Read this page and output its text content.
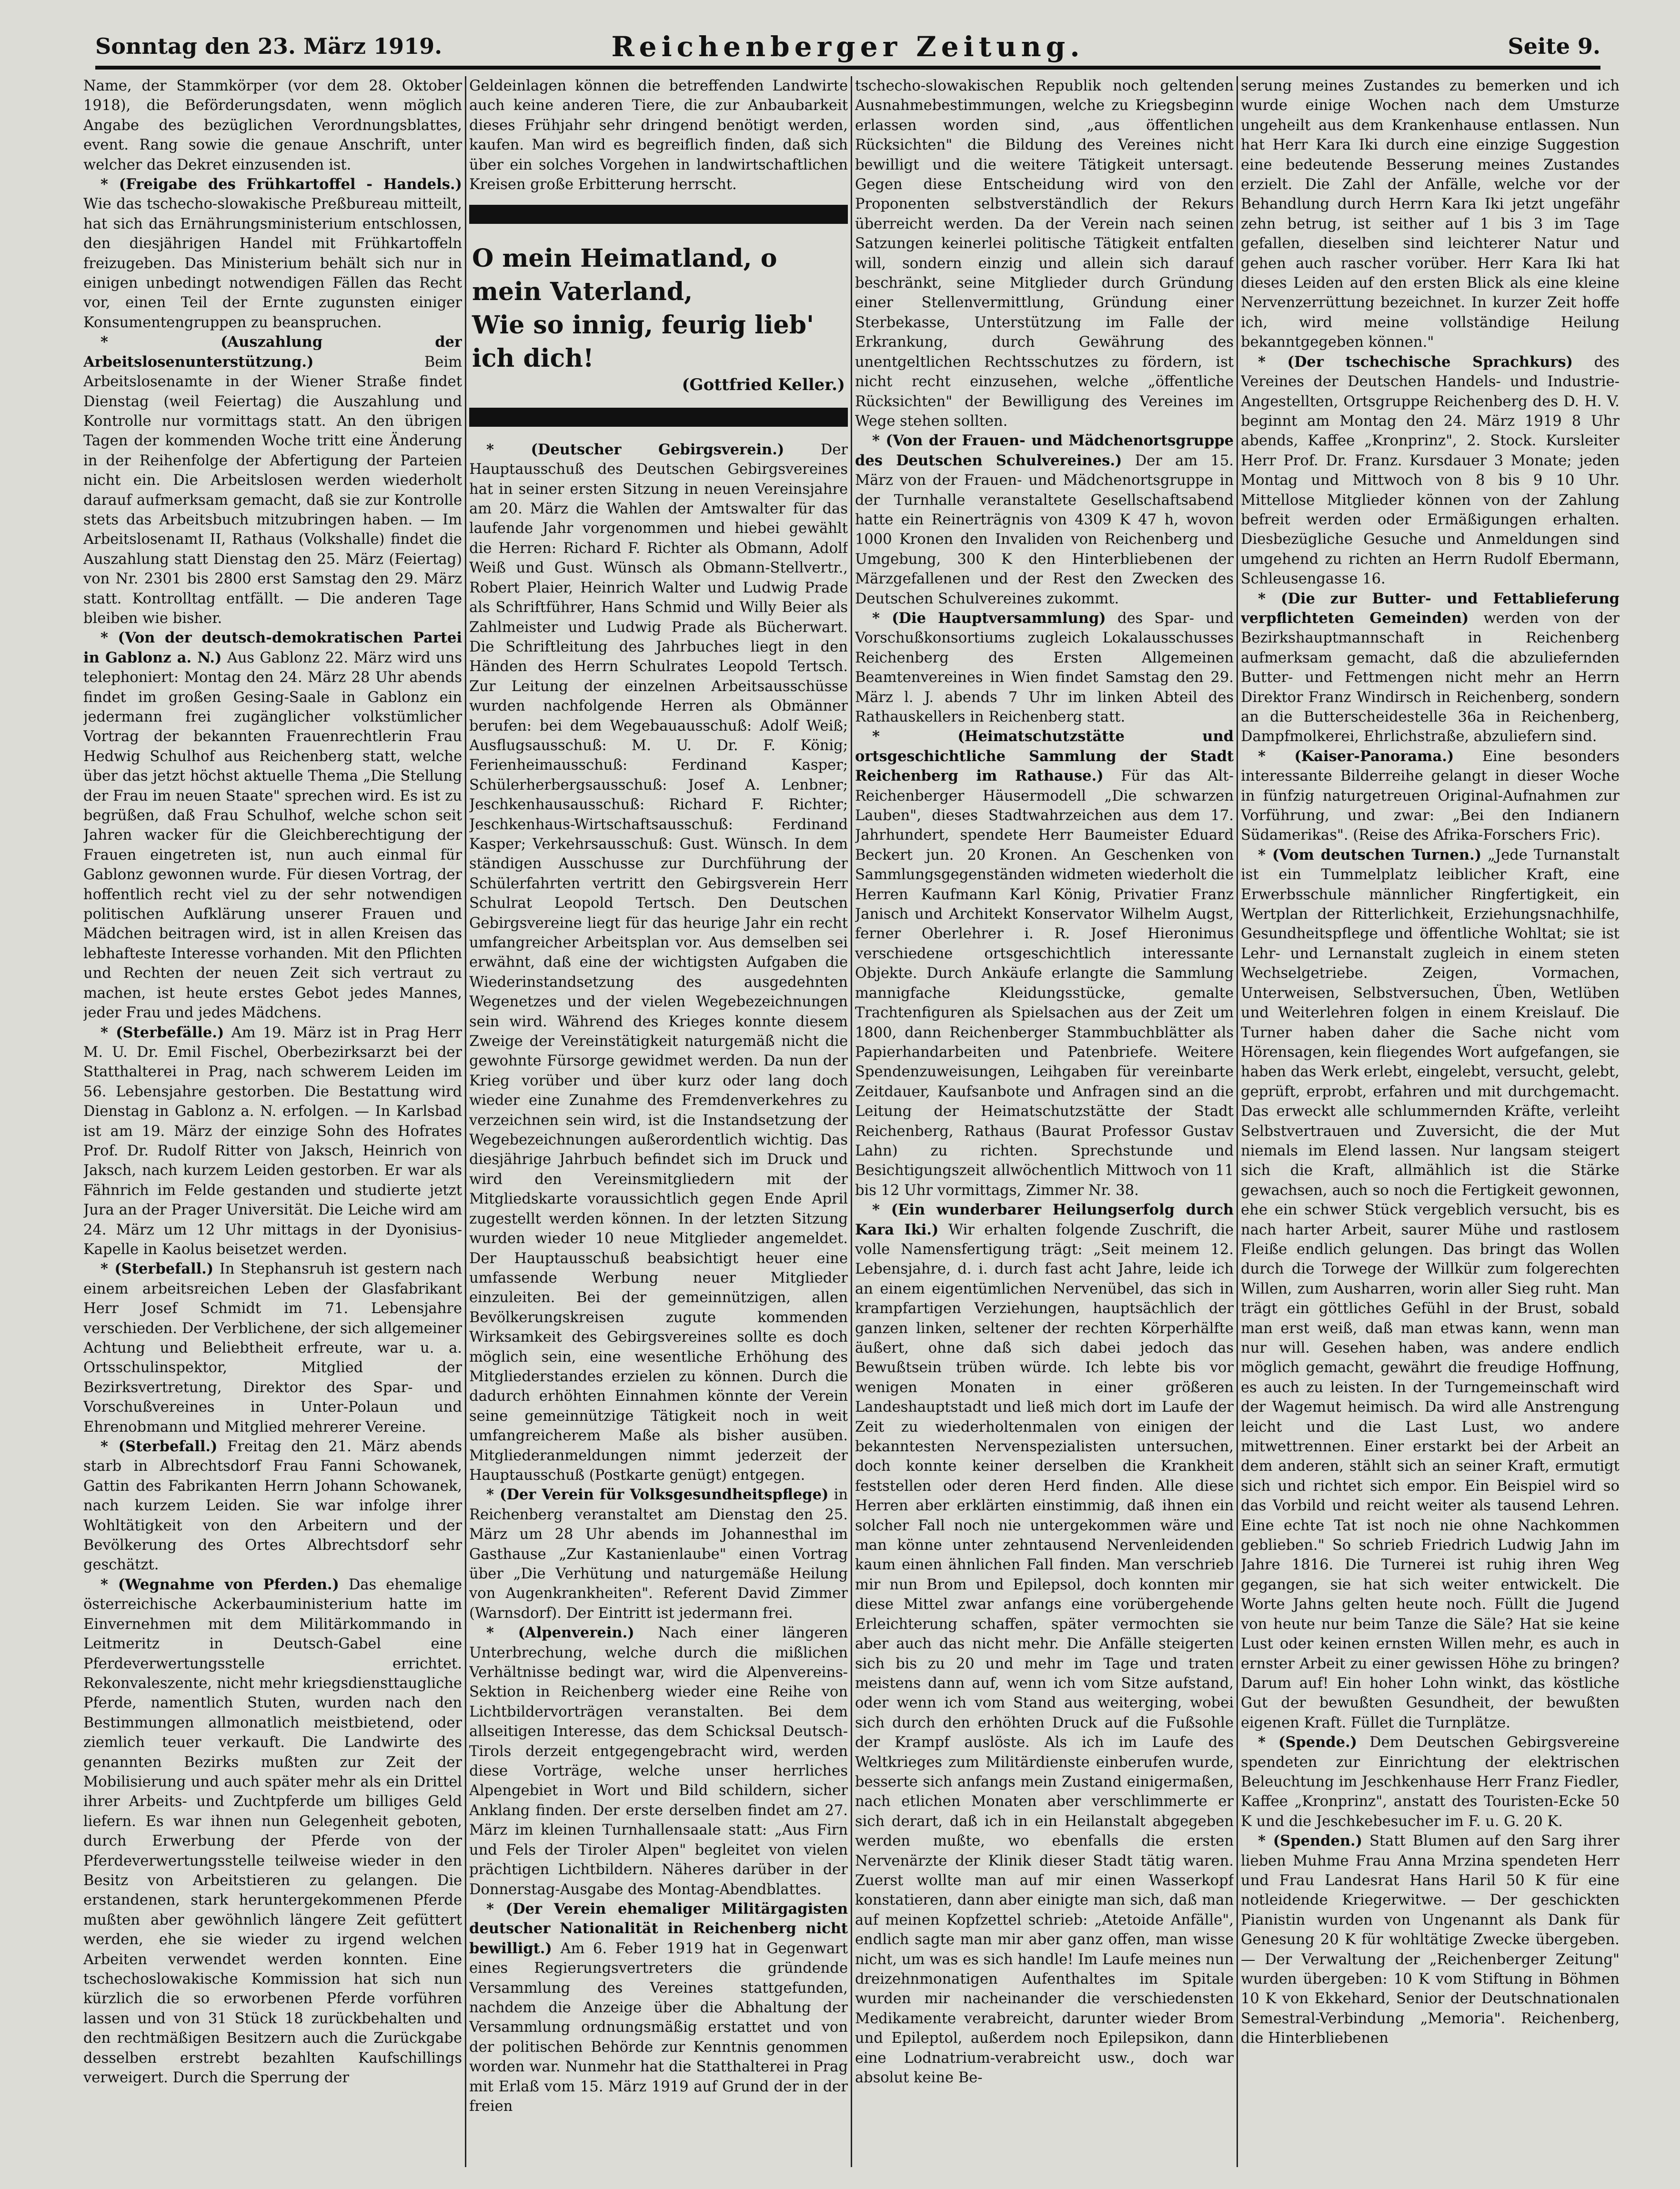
Sonntag den 23. März 1919.	Reichenberger Zeitung.	Seite 9.

Name, der Stammkörper (vor dem 28. Oktober 1918), die Beförderungsdaten, wenn möglich Angabe des bezüglichen Verordnungsblattes, event. Rang sowie die genaue Anschrift, unter welcher das Dekret einzusenden ist.

* (Freigabe des Frühkartoffel - Handels.) Wie das tschecho-slowakische Preßbureau mitteilt, hat sich das Ernährungsministerium entschlossen, den diesjährigen Handel mit Frühkartoffeln freizugeben. Das Ministerium behält sich nur in einigen unbedingt notwendigen Fällen das Recht vor, einen Teil der Ernte zugunsten einiger Konsumentengruppen zu beanspruchen.

* (Auszahlung der Arbeitslosenunterstützung.)	Beim Arbeitslosenamte in der Wiener Straße findet Dienstag (weil Feiertag) die Auszahlung und Kontrolle nur vormittags statt. An den übrigen Tagen der kommenden Woche tritt eine Änderung in der Reihenfolge der Abfertigung der Parteien nicht ein. Die Arbeitslosen werden wiederholt darauf aufmerksam gemacht, daß sie zur Kontrolle stets das Arbeitsbuch mitzubringen haben. — Im Arbeitslosenamt II, Rathaus (Volkshalle) findet die Auszahlung statt Dienstag den 25. März (Feiertag) von Nr. 2301 bis 2800 erst Samstag den 29. März statt. Kontrolltag entfällt. — Die anderen Tage bleiben wie bisher.

* (Von der deutsch-demokratischen Partei in Gablonz a. N.) Aus Gablonz 22. März wird uns telephoniert: Montag den 24. März 28 Uhr abends findet im großen Gesing-Saale in Gablonz ein jedermann frei zugänglicher volkstümlicher Vortrag der bekannten Frauenrechtlerin Frau Hedwig Schulhof aus Reichenberg statt, welche über das jetzt höchst aktuelle Thema „Die Stellung der Frau im neuen Staate" sprechen wird. Es ist zu begrüßen, daß Frau Schulhof, welche schon seit Jahren wacker für die Gleichberechtigung der Frauen eingetreten ist, nun auch einmal für Gablonz gewonnen wurde. Für diesen Vortrag, der hoffentlich recht viel zu der sehr notwendigen politischen Aufklärung unserer Frauen und Mädchen beitragen wird, ist in allen Kreisen das lebhafteste Interesse vorhanden. Mit den Pflichten und Rechten der neuen Zeit sich vertraut zu machen, ist heute erstes Gebot jedes Mannes, jeder Frau und jedes Mädchens.

* (Sterbefälle.) Am 19. März ist in Prag Herr M. U. Dr. Emil Fischel, Oberbezirksarzt bei der Statthalterei in Prag, nach schwerem Leiden im 56. Lebensjahre gestorben. Die Bestattung wird Dienstag in Gablonz a. N. erfolgen. — In Karlsbad ist am 19. März der einzige Sohn des Hofrates Prof. Dr. Rudolf Ritter von Jaksch, Heinrich von Jaksch, nach kurzem Leiden gestorben. Er war als Fähnrich im Felde gestanden und studierte jetzt Jura an der Prager Universität. Die Leiche wird am 24. März um 12 Uhr mittags in der Dyonisius-Kapelle in Kaolus beisetzet werden.

* (Sterbefall.) In Stephansruh ist gestern nach einem arbeitsreichen Leben der Glasfabrikant Herr Josef Schmidt im 71. Lebensjahre verschieden. Der Verblichene, der sich allgemeiner Achtung und Beliebtheit erfreute, war u. a. Ortsschulinspektor, Mitglied der Bezirksvertretung, Direktor des Spar- und Vorschußvereines in Unter-Polaun und Ehrenobmann und Mitglied mehrerer Vereine.

* (Sterbefall.) Freitag den 21. März abends starb in Albrechtsdorf Frau Fanni Schowanek, Gattin des Fabrikanten Herrn Johann Schowanek, nach kurzem Leiden. Sie war infolge ihrer Wohltätigkeit von den Arbeitern und der Bevölkerung des Ortes Albrechtsdorf sehr geschätzt.

* (Wegnahme von Pferden.) Das ehemalige österreichische Ackerbauministerium hatte im Einvernehmen mit dem Militärkommando in Leitmeritz in Deutsch-Gabel eine Pferdeverwertungsstelle errichtet. Rekonvaleszente, nicht mehr kriegsdiensttaugliche Pferde, namentlich Stuten, wurden nach den Bestimmungen allmonatlich meistbietend, oder ziemlich teuer verkauft. Die Landwirte des genannten Bezirks mußten zur Zeit der Mobilisierung und auch später mehr als ein Drittel ihrer Arbeits- und Zuchtpferde um billiges Geld liefern. Es war ihnen nun Gelegenheit geboten, durch Erwerbung der Pferde von der Pferdeverwertungsstelle teilweise wieder in den Besitz von Arbeitstieren zu gelangen. Die erstandenen, stark heruntergekommenen Pferde mußten aber gewöhnlich längere Zeit gefüttert werden, ehe sie wieder zu irgend welchen Arbeiten verwendet werden konnten. Eine tschechoslowakische Kommission hat sich nun kürzlich die so erworbenen Pferde vorführen lassen und von 31 Stück 18 zurückbehalten und den rechtmäßigen Besitzern auch die Zurückgabe desselben erstrebt bezahlten Kaufschillings verweigert. Durch die Sperrung der

Geldeinlagen können die betreffenden Landwirte auch keine anderen Tiere, die zur Anbaubarkeit dieses Frühjahr sehr dringend benötigt werden, kaufen. Man wird es begreiflich finden, daß sich über ein solches Vorgehen in landwirtschaftlichen Kreisen große Erbitterung herrscht.

O mein Heimatland, o mein Vaterland,

Wie so innig, feurig lieb' ich dich!

(Gottfried Keller.)

* (Deutscher Gebirgsverein.)	Der Hauptausschuß des Deutschen Gebirgsvereines hat in seiner ersten Sitzung in neuen Vereinsjahre am 20. März die Wahlen der Amtswalter für das laufende Jahr vorgenommen und hiebei gewählt die Herren: Richard F. Richter als Obmann, Adolf Weiß und Gust. Wünsch als Obmann-Stellvertr., Robert Plaier, Heinrich Walter und Ludwig Prade als Schriftführer, Hans Schmid und Willy Beier als Zahlmeister und Ludwig Prade als Bücherwart. Die Schriftleitung des Jahrbuches liegt in den Händen des Herrn Schulrates Leopold Tertsch. Zur Leitung der einzelnen Arbeitsausschüsse wurden nachfolgende Herren als Obmänner berufen: bei dem Wegebauausschuß: Adolf Weiß; Ausflugsausschuß: M. U. Dr. F. König; Ferienheimausschuß: Ferdinand Kasper; Schülerherbergsausschuß: Josef A. Lenbner; Jeschkenhausausschuß: Richard F. Richter; Jeschkenhaus-Wirtschaftsausschuß: Ferdinand Kasper; Verkehrsausschuß: Gust. Wünsch. In dem ständigen Ausschusse zur Durchführung der Schülerfahrten vertritt den Gebirgsverein Herr Schulrat Leopold Tertsch. Den Deutschen Gebirgsvereine liegt für das heurige Jahr ein recht umfangreicher Arbeitsplan vor. Aus demselben sei erwähnt, daß eine der wichtigsten Aufgaben die Wiederinstandsetzung des ausgedehnten Wegenetzes und der vielen Wegebezeichnungen sein wird. Während des Krieges konnte diesem Zweige der Vereinstätigkeit naturgemäß nicht die gewohnte Fürsorge gewidmet werden. Da nun der Krieg vorüber und über kurz oder lang doch wieder eine Zunahme des Fremdenverkehres zu verzeichnen sein wird, ist die Instandsetzung der Wegebezeichnungen außerordentlich wichtig. Das diesjährige Jahrbuch befindet sich im Druck und wird den Vereinsmitgliedern mit der Mitgliedskarte voraussichtlich gegen Ende April zugestellt werden können. In der letzten Sitzung wurden wieder 10 neue Mitglieder angemeldet. Der Hauptausschuß beabsichtigt heuer eine umfassende Werbung neuer Mitglieder einzuleiten. Bei der gemeinnützigen, allen Bevölkerungskreisen zugute kommenden Wirksamkeit des Gebirgsvereines sollte es doch möglich sein, eine wesentliche Erhöhung des Mitgliederstandes erzielen zu können. Durch die dadurch erhöhten Einnahmen könnte der Verein seine gemeinnützige Tätigkeit noch in weit umfangreicherem Maße als bisher ausüben. Mitgliederanmeldungen nimmt jederzeit der Hauptausschuß (Postkarte genügt) entgegen.

* (Der Verein für Volksgesundheitspflege) in Reichenberg veranstaltet am Dienstag den 25. März um 28 Uhr abends im Johannesthal im Gasthause „Zur Kastanienlaube" einen Vortrag über „Die Verhütung und naturgemäße Heilung von Augenkrankheiten". Referent David Zimmer (Warnsdorf). Der Eintritt ist jedermann frei.

* (Alpenverein.) Nach einer längeren Unterbrechung, welche durch die mißlichen Verhältnisse bedingt war, wird die Alpenvereins-Sektion in Reichenberg wieder eine Reihe von Lichtbildervorträgen veranstalten. Bei dem allseitigen Interesse, das dem Schicksal Deutsch-Tirols derzeit entgegengebracht wird, werden diese Vorträge, welche unser herrliches Alpengebiet in Wort und Bild schildern, sicher Anklang finden. Der erste derselben findet am 27. März im kleinen Turnhallensaale statt: „Aus Firn und Fels der Tiroler Alpen" begleitet von vielen prächtigen Lichtbildern. Näheres darüber in der Donnerstag-Ausgabe des Montag-Abendblattes.

* (Der Verein ehemaliger Militärgagisten deutscher Nationalität in Reichenberg nicht bewilligt.) Am 6. Feber 1919 hat in Gegenwart eines Regierungsvertreters die gründende Versammlung des Vereines stattgefunden, nachdem die Anzeige über die Abhaltung der Versammlung ordnungsmäßig erstattet und von der politischen Behörde zur Kenntnis genommen worden war. Nunmehr hat die Statthalterei in Prag mit Erlaß vom 15. März 1919 auf Grund der in der freien

tschecho-slowakischen Republik noch geltenden Ausnahmebestimmungen, welche zu Kriegsbeginn erlassen worden sind, „aus öffentlichen Rücksichten" die Bildung des Vereines nicht bewilligt und die weitere Tätigkeit untersagt. Gegen diese Entscheidung wird von den Proponenten selbstverständlich der Rekurs überreicht werden. Da der Verein nach seinen Satzungen keinerlei politische Tätigkeit entfalten will, sondern einzig und allein sich darauf beschränkt, seine Mitglieder durch Gründung einer Stellenvermittlung, Gründung einer Sterbekasse, Unterstützung im Falle der Erkrankung, durch Gewährung des unentgeltlichen Rechtsschutzes zu fördern, ist nicht recht einzusehen, welche „öffentliche Rücksichten" der Bewilligung des Vereines im Wege stehen sollten.

* (Von der Frauen- und Mädchenortsgruppe des Deutschen Schulvereines.) Der am 15. März von der Frauen- und Mädchenortsgruppe in der Turnhalle veranstaltete Gesellschaftsabend hatte ein Reinerträgnis von 4309 K 47 h, wovon 1000 Kronen den Invaliden von Reichenberg und Umgebung, 300 K den Hinterbliebenen der Märzgefallenen und der Rest den Zwecken des Deutschen Schulvereines zukommt.

* (Die Hauptversammlung) des Spar- und Vorschußkonsortiums zugleich Lokalausschusses Reichenberg des Ersten Allgemeinen Beamtenvereines in Wien findet Samstag den 29. März l. J. abends 7 Uhr im linken Abteil des Rathauskellers in Reichenberg statt.

* (Heimatschutzstätte und ortsgeschichtliche Sammlung der Stadt Reichenberg im Rathause.) Für das Alt-Reichenberger Häusermodell „Die schwarzen Lauben", dieses Stadtwahrzeichen aus dem 17. Jahrhundert, spendete Herr Baumeister Eduard Beckert jun. 20 Kronen. An Geschenken von Sammlungsgegenständen widmeten wiederholt die Herren Kaufmann Karl König, Privatier Franz Janisch und Architekt Konservator Wilhelm Augst, ferner Oberlehrer i. R. Josef Hieronimus verschiedene ortsgeschichtlich interessante Objekte. Durch Ankäufe erlangte die Sammlung mannigfache Kleidungsstücke, gemalte Trachtenfiguren als Spielsachen aus der Zeit um 1800, dann Reichenberger Stammbuchblätter als Papierhandarbeiten und Patenbriefe. Weitere Spendenzuweisungen, Leihgaben für vereinbarte Zeitdauer, Kaufsanbote und Anfragen sind an die Leitung der Heimatschutzstätte der Stadt Reichenberg, Rathaus (Baurat Professor Gustav Lahn) zu richten. Sprechstunde und Besichtigungszeit allwöchentlich Mittwoch von 11 bis 12 Uhr vormittags, Zimmer Nr. 38.

* (Ein wunderbarer Heilungserfolg durch Kara Iki.) Wir erhalten folgende Zuschrift, die volle Namensfertigung trägt: „Seit meinem 12. Lebensjahre, d. i. durch fast acht Jahre, leide ich an einem eigentümlichen Nervenübel, das sich in krampfartigen Verziehungen, hauptsächlich der ganzen linken, seltener der rechten Körperhälfte äußert, ohne daß sich dabei jedoch das Bewußtsein trüben würde. Ich lebte bis vor wenigen Monaten in einer größeren Landeshauptstadt und ließ mich dort im Laufe der Zeit zu wiederholtenmalen von einigen der bekanntesten Nervenspezialisten untersuchen, doch konnte keiner derselben die Krankheit feststellen oder deren Herd finden. Alle diese Herren aber erklärten einstimmig, daß ihnen ein solcher Fall noch nie untergekommen wäre und man könne unter zehntausend Nervenleidenden kaum einen ähnlichen Fall finden. Man verschrieb mir nun Brom und Epilepsol, doch konnten mir diese Mittel zwar anfangs eine vorübergehende Erleichterung schaffen, später vermochten sie aber auch das nicht mehr. Die Anfälle steigerten sich bis zu 20 und mehr im Tage und traten meistens dann auf, wenn ich vom Sitze aufstand, oder wenn ich vom Stand aus weiterging, wobei sich durch den erhöhten Druck auf die Fußsohle der Krampf auslöste. Als ich im Laufe des Weltkrieges zum Militärdienste einberufen wurde, besserte sich anfangs mein Zustand einigermaßen, nach etlichen Monaten aber verschlimmerte er sich derart, daß ich in ein Heilanstalt abgegeben werden mußte, wo ebenfalls die ersten Nervenärzte der Klinik dieser Stadt tätig waren. Zuerst wollte man auf mir einen Wasserkopf konstatieren, dann aber einigte man sich, daß man auf meinen Kopfzettel schrieb: „Atetoide Anfälle", endlich sagte man mir aber ganz offen, man wisse nicht, um was es sich handle! Im Laufe meines nun dreizehnmonatigen Aufenthaltes im Spitale wurden mir nacheinander die verschiedensten Medikamente verabreicht, darunter wieder Brom und Epileptol, außerdem noch Epilepsikon, dann eine Lodnatrium-verabreicht usw., doch war absolut keine Be-

serung meines Zustandes zu bemerken und ich wurde einige Wochen nach dem Umsturze ungeheilt aus dem Krankenhause entlassen. Nun hat Herr Kara Iki durch eine einzige Suggestion eine bedeutende Besserung meines Zustandes erzielt. Die Zahl der Anfälle, welche vor der Behandlung durch Herrn Kara Iki jetzt ungefähr zehn betrug, ist seither auf 1 bis 3 im Tage gefallen, dieselben sind leichterer Natur und gehen auch rascher vorüber. Herr Kara Iki hat dieses Leiden auf den ersten Blick als eine kleine Nervenzerrüttung bezeichnet. In kurzer Zeit hoffe ich, wird meine vollständige Heilung bekanntgegeben können."

* (Der tschechische Sprachkurs) des Vereines der Deutschen Handels- und Industrie-Angestellten, Ortsgruppe Reichenberg des D. H. V. beginnt am Montag den 24. März 1919 8 Uhr abends, Kaffee „Kronprinz", 2. Stock. Kursleiter Herr Prof. Dr. Franz. Kursdauer 3 Monate; jeden Montag und Mittwoch von 8 bis 9 10 Uhr. Mittellose Mitglieder können von der Zahlung befreit werden oder Ermäßigungen erhalten. Diesbezügliche Gesuche und Anmeldungen sind umgehend zu richten an Herrn Rudolf Ebermann, Schleusengasse 16.

* (Die zur Butter- und Fettablieferung verpflichteten Gemeinden) werden von der Bezirkshauptmannschaft in Reichenberg aufmerksam gemacht, daß die abzuliefernden Butter- und Fettmengen nicht mehr an Herrn Direktor Franz Windirsch in Reichenberg, sondern an die Butterscheidestelle 36a in Reichenberg, Dampfmolkerei, Ehrlichstraße, abzuliefern sind.

* (Kaiser-Panorama.) Eine besonders interessante Bilderreihe gelangt in dieser Woche in fünfzig naturgetreuen Original-Aufnahmen zur Vorführung, und zwar: „Bei den Indianern Südamerikas". (Reise des Afrika-Forschers Fric).

* (Vom deutschen Turnen.) „Jede Turnanstalt ist ein Tummelplatz leiblicher Kraft, eine Erwerbsschule männlicher Ringfertigkeit, ein Wertplan der Ritterlichkeit, Erziehungsnachhilfe, Gesundheitspflege und öffentliche Wohltat; sie ist Lehr- und Lernanstalt zugleich in einem steten Wechselgetriebe. Zeigen, Vormachen, Unterweisen, Selbstversuchen, Üben, Wetlüben und Weiterlehren folgen in einem Kreislauf. Die Turner haben daher die Sache nicht vom Hörensagen, kein fliegendes Wort aufgefangen, sie haben das Werk erlebt, eingelebt, versucht, gelebt, geprüft, erprobt, erfahren und mit durchgemacht. Das erweckt alle schlummernden Kräfte, verleiht Selbstvertrauen und Zuversicht, die der Mut niemals im Elend lassen. Nur langsam steigert sich die Kraft, allmählich ist die Stärke gewachsen, auch so noch die Fertigkeit gewonnen, ehe ein schwer Stück vergeblich versucht, bis es nach harter Arbeit, saurer Mühe und rastlosem Fleiße endlich gelungen. Das bringt das Wollen durch die Torwege der Willkür zum folgerechten Willen, zum Ausharren, worin aller Sieg ruht. Man trägt ein göttliches Gefühl in der Brust, sobald man erst weiß, daß man etwas kann, wenn man nur will. Gesehen haben, was andere endlich möglich gemacht, gewährt die freudige Hoffnung, es auch zu leisten. In der Turngemeinschaft wird der Wagemut heimisch. Da wird alle Anstrengung leicht und die Last Lust, wo andere mitwettrennen. Einer erstarkt bei der Arbeit an dem anderen, stählt sich an seiner Kraft, ermutigt sich und richtet sich empor. Ein Beispiel wird so das Vorbild und reicht weiter als tausend Lehren. Eine echte Tat ist noch nie ohne Nachkommen geblieben." So schrieb Friedrich Ludwig Jahn im Jahre 1816. Die Turnerei ist ruhig ihren Weg gegangen, sie hat sich weiter entwickelt. Die Worte Jahns gelten heute noch. Füllt die Jugend von heute nur beim Tanze die Säle? Hat sie keine Lust oder keinen ernsten Willen mehr, es auch in ernster Arbeit zu einer gewissen Höhe zu bringen? Darum auf! Ein hoher Lohn winkt, das köstliche Gut der bewußten Gesundheit, der bewußten eigenen Kraft. Füllet die Turnplätze.

* (Spende.) Dem Deutschen Gebirgsvereine spendeten zur Einrichtung der elektrischen Beleuchtung im Jeschkenhause Herr Franz Fiedler, Kaffee „Kronprinz", anstatt des Touristen-Ecke 50 K und die Jeschkebesucher im F. u. G. 20 K.

* (Spenden.) Statt Blumen auf den Sarg ihrer lieben Muhme Frau Anna Mrzina spendeten Herr und Frau Landesrat Hans Haril 50 K für eine notleidende Kriegerwitwe. — Der geschickten Pianistin wurden von Ungenannt als Dank für Genesung 20 K für wohltätige Zwecke übergeben. — Der Verwaltung der „Reichenberger Zeitung" wurden übergeben: 10 K vom Stiftung in Böhmen 10 K von Ekkehard, Senior der Deutschnationalen Semestral-Verbindung „Memoria". Reichenberg, die Hinterbliebenen
